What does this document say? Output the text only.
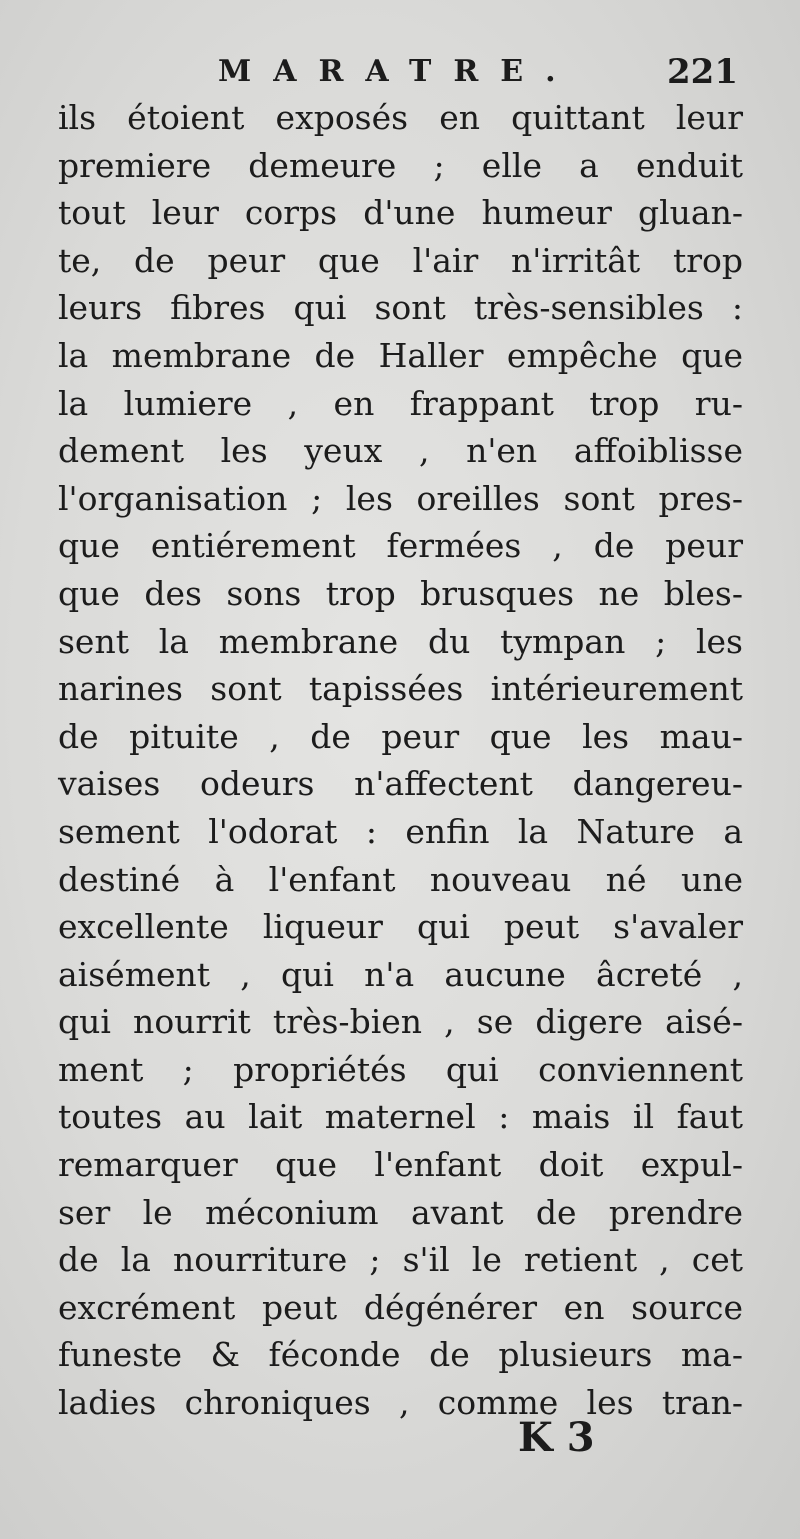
MARATRE.	221
ils étoient exposés en quittant leur
premiere demeure ; elle a enduit
tout leur corps d'une humeur gluan-
te, de peur que l'air n'irritât trop
leurs fibres qui sont très-sensibles :
la membrane de Haller empêche que
la lumiere , en frappant trop ru-
dement les yeux , n'en affoiblisse
l'organisation ; les oreilles sont pres-
que entiérement fermées , de peur
que des sons trop brusques ne bles-
sent la membrane du tympan ; les
narines sont tapissées intérieurement
de pituite , de peur que les mau-
vaises odeurs n'affectent dangereu-
sement l'odorat : enfin la Nature a
destiné à l'enfant nouveau né une
excellente liqueur qui peut s'avaler
aisément , qui n'a aucune âcreté ,
qui nourrit très-bien , se digere aisé-
ment ; propriétés qui conviennent
toutes au lait maternel : mais il faut
remarquer que l'enfant doit expul-
ser le méconium avant de prendre
de la nourriture ; s'il le retient , cet
excrément peut dégénérer en source
funeste & féconde de plusieurs ma-
ladies chroniques , comme les tran-
K 3
